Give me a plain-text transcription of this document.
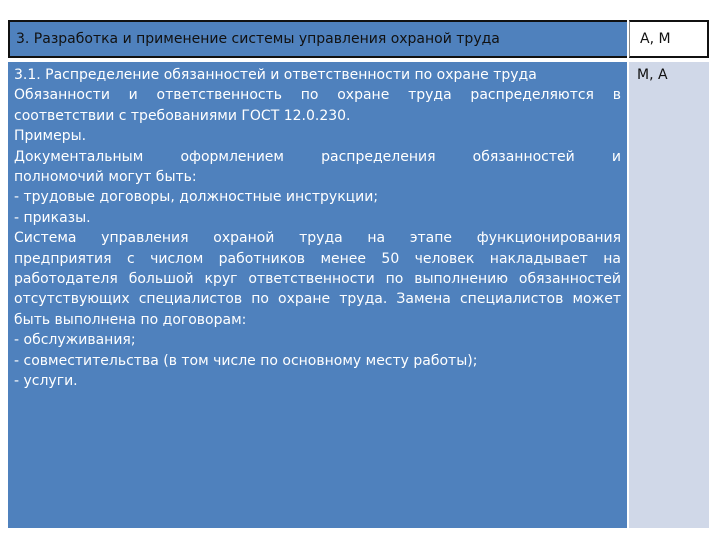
3. Разработка и применение системы управления охраной труда	А, М
3.1. Распределение обязанностей и ответственности по охране труда
Обязанности и ответственность по охране труда распределяются в
соответствии с требованиями ГОСТ 12.0.230.
Примеры.
Документальным оформлением распределения обязанностей и
полномочий могут быть:
- трудовые договоры, должностные инструкции;
- приказы.
Система управления охраной труда на этапе функционирования
предприятия с числом работников менее 50 человек накладывает на
работодателя большой круг ответственности по выполнению обязанностей
отсутствующих специалистов по охране труда. Замена специалистов может
быть выполнена по договорам:
- обслуживания;
- совместительства (в том числе по основному месту работы);
- услуги.
М, А
